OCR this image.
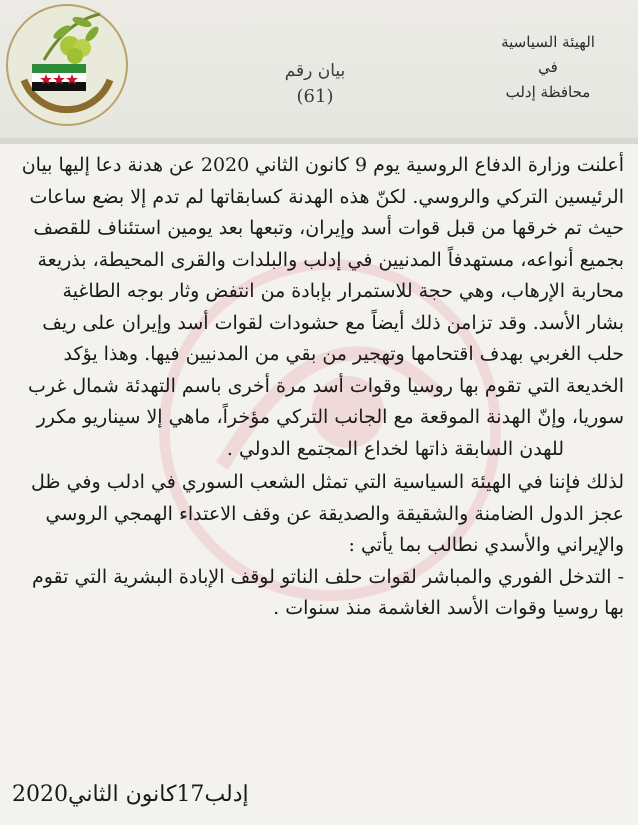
بيان رقم
(61)
الهيئة السياسية
في
محافظة إدلب
أعلنت وزارة الدفاع الروسية يوم 9 كانون الثاني 2020 عن هدنة دعا إليها بيان
الرئيسين التركي والروسي. لكنّ هذه الهدنة كسابقاتها لم تدم إلا بضع ساعات
حيث تم خرقها من قبل قوات أسد وإيران، وتبعها بعد يومين استئناف للقصف
بجميع أنواعه، مستهدفاً المدنيين في إدلب والبلدات والقرى المحيطة، بذريعة
محاربة الإرهاب، وهي حجة للاستمرار بإبادة من انتفض وثار بوجه الطاغية
بشار الأسد. وقد تزامن ذلك أيضاً مع حشودات لقوات أسد وإيران على ريف
حلب الغربي بهدف اقتحامها وتهجير من بقي من المدنيين فيها. وهذا يؤكد
الخديعة التي تقوم بها روسيا وقوات أسد مرة أخرى باسم التهدئة شمال غرب
سوريا، وإنّ الهدنة الموقعة مع الجانب التركي مؤخراً، ماهي إلا سيناريو مكرر
للهدن السابقة ذاتها لخداع المجتمع الدولي .
لذلك فإننا في الهيئة السياسية التي تمثل الشعب السوري في ادلب وفي ظل
عجز الدول الضامنة والشقيقة والصديقة عن وقف الاعتداء الهمجي الروسي
والإيراني والأسدي نطالب بما يأتي :
- التدخل الفوري والمباشر لقوات حلف الناتو لوقف الإبادة البشرية التي تقوم
بها روسيا وقوات الأسد الغاشمة منذ سنوات .
إدلب17كانون الثاني2020
